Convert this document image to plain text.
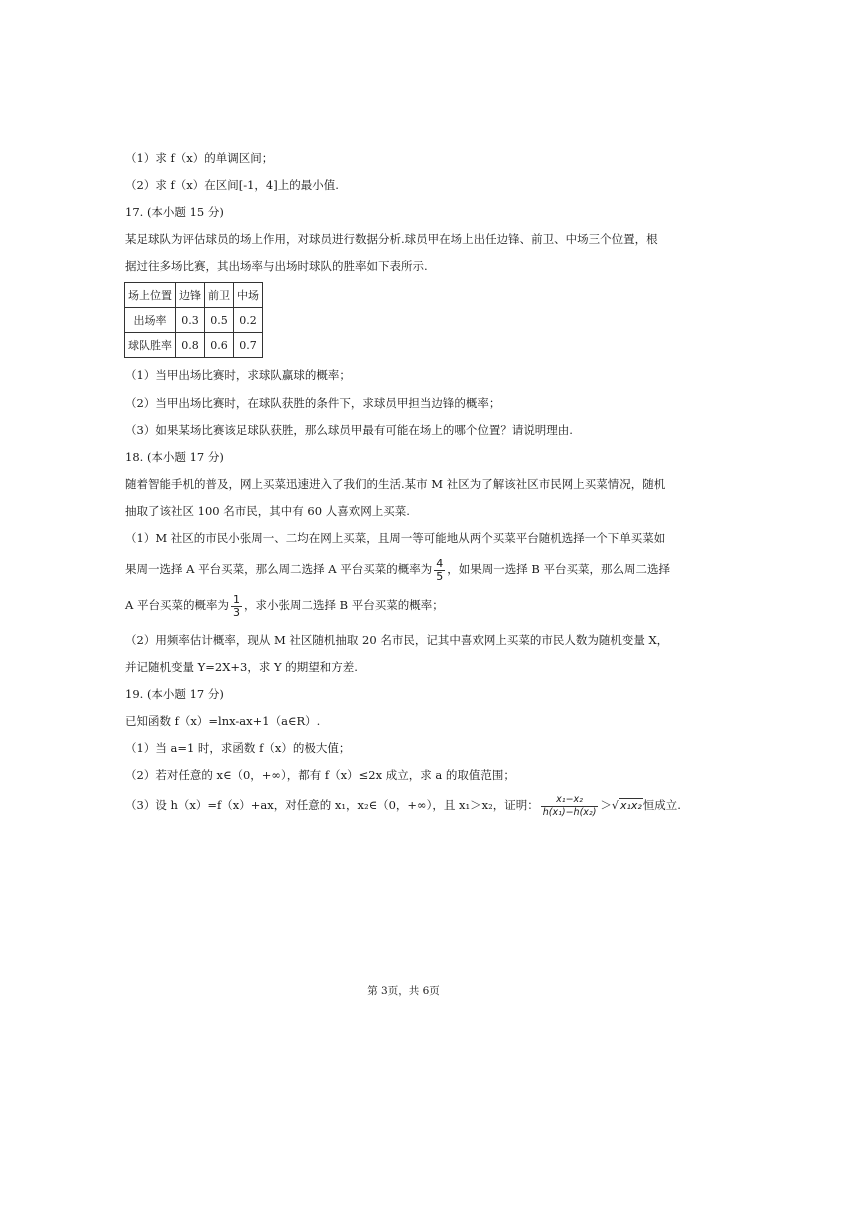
（1）求 f（x）的单调区间；
（2）求 f（x）在区间[-1，4]上的最小值.
17. (本小题 15 分)
某足球队为评估球员的场上作用，对球员进行数据分析.球员甲在场上出任边锋、前卫、中场三个位置，根
据过往多场比赛，其出场率与出场时球队的胜率如下表所示.
场上位置	边锋	前卫	中场
出场率	0.3	0.5	0.2
球队胜率	0.8	0.6	0.7
（1）当甲出场比赛时，求球队赢球的概率；
（2）当甲出场比赛时，在球队获胜的条件下，求球员甲担当边锋的概率；
（3）如果某场比赛该足球队获胜，那么球员甲最有可能在场上的哪个位置？请说明理由.
18. (本小题 17 分)
随着智能手机的普及，网上买菜迅速进入了我们的生活.某市 M 社区为了解该社区市民网上买菜情况，随机
抽取了该社区 100 名市民，其中有 60 人喜欢网上买菜.
（1）M 社区的市民小张周一、二均在网上买菜，且周一等可能地从两个买菜平台随机选择一个下单买菜如
果周一选择 A 平台买菜，那么周二选择 A 平台买菜的概率为 $\frac{4}{5}$ ，如果周一选择 B 平台买菜，那么周二选择
A 平台买菜的概率为 $\frac{1}{3}$ ，求小张周二选择 B 平台买菜的概率；
（2）用频率估计概率，现从 M 社区随机抽取 20 名市民，记其中喜欢网上买菜的市民人数为随机变量 X，
并记随机变量 Y=2X+3，求 Y 的期望和方差.
19. (本小题 17 分)
已知函数 f（x）=lnx-ax+1（a∈R）.
（1）当 a=1 时，求函数 f（x）的极大值；
（2）若对任意的 x∈（0，+∞），都有 f（x）≤2x 成立，求 a 的取值范围；
（3）设 h（x）=f（x）+ax，对任意的 x₁，x₂∈（0，+∞），且 x₁＞x₂，证明： $\frac{\text{x₁−x₂}}{\text{h(x₁)−h(x₂)}} >√x_1x_2$恒成立.
第 3页，共 6页
